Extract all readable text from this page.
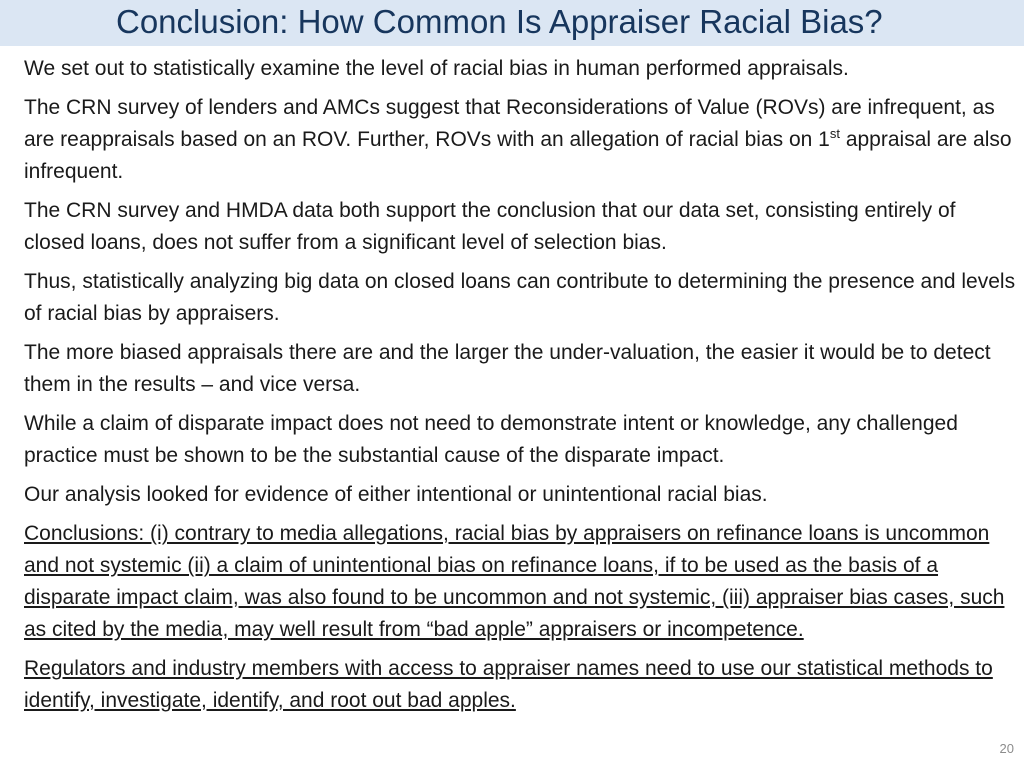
Conclusion: How Common Is Appraiser Racial Bias?

We set out to statistically examine the level of racial bias in human performed appraisals.

The CRN survey of lenders and AMCs suggest that Reconsiderations of Value (ROVs) are infrequent, as are reappraisals based on an ROV. Further, ROVs with an allegation of racial bias on 1st appraisal are also infrequent.

The CRN survey and HMDA data both support the conclusion that our data set, consisting entirely of closed loans, does not suffer from a significant level of selection bias.

Thus, statistically analyzing big data on closed loans can contribute to determining the presence and levels of racial bias by appraisers.

The more biased appraisals there are and the larger the under-valuation, the easier it would be to detect them in the results – and vice versa.

While a claim of disparate impact does not need to demonstrate intent or knowledge, any challenged practice must be shown to be the substantial cause of the disparate impact.

Our analysis looked for evidence of either intentional or unintentional racial bias.

Conclusions: (i) contrary to media allegations, racial bias by appraisers on refinance loans is uncommon and not systemic (ii) a claim of unintentional bias on refinance loans, if to be used as the basis of a disparate impact claim, was also found to be uncommon and not systemic, (iii) appraiser bias cases, such as cited by the media, may well result from “bad apple” appraisers or incompetence.

Regulators and industry members with access to appraiser names need to use our statistical methods to identify, investigate, identify, and root out bad apples.

20
